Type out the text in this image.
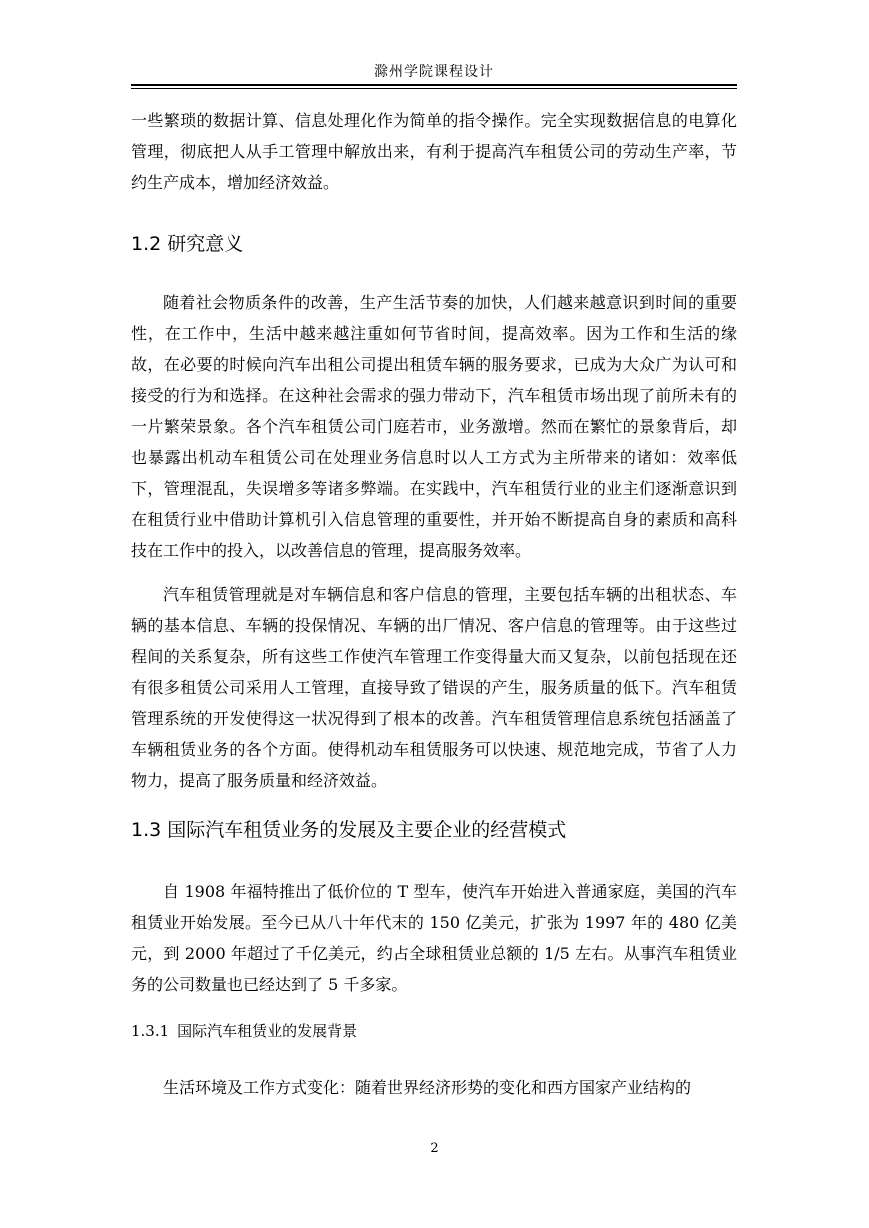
滁州学院课程设计

一些繁琐的数据计算、信息处理化作为简单的指令操作。完全实现数据信息的电算化管理，彻底把人从手工管理中解放出来，有利于提高汽车租赁公司的劳动生产率，节约生产成本，增加经济效益。

1.2 研究意义

随着社会物质条件的改善，生产生活节奏的加快，人们越来越意识到时间的重要性，在工作中，生活中越来越注重如何节省时间，提高效率。因为工作和生活的缘故，在必要的时候向汽车出租公司提出租赁车辆的服务要求，已成为大众广为认可和接受的行为和选择。在这种社会需求的强力带动下，汽车租赁市场出现了前所未有的一片繁荣景象。各个汽车租赁公司门庭若市，业务激增。然而在繁忙的景象背后，却也暴露出机动车租赁公司在处理业务信息时以人工方式为主所带来的诸如：效率低下，管理混乱，失误增多等诸多弊端。在实践中，汽车租赁行业的业主们逐渐意识到在租赁行业中借助计算机引入信息管理的重要性，并开始不断提高自身的素质和高科技在工作中的投入，以改善信息的管理，提高服务效率。

汽车租赁管理就是对车辆信息和客户信息的管理，主要包括车辆的出租状态、车辆的基本信息、车辆的投保情况、车辆的出厂情况、客户信息的管理等。由于这些过程间的关系复杂，所有这些工作使汽车管理工作变得量大而又复杂，以前包括现在还有很多租赁公司采用人工管理，直接导致了错误的产生，服务质量的低下。汽车租赁管理系统的开发使得这一状况得到了根本的改善。汽车租赁管理信息系统包括涵盖了车辆租赁业务的各个方面。使得机动车租赁服务可以快速、规范地完成，节省了人力物力，提高了服务质量和经济效益。

1.3 国际汽车租赁业务的发展及主要企业的经营模式

自 1908 年福特推出了低价位的 T 型车，使汽车开始进入普通家庭，美国的汽车租赁业开始发展。至今已从八十年代末的 150 亿美元，扩张为 1997 年的 480 亿美元，到 2000 年超过了千亿美元，约占全球租赁业总额的 1/5 左右。从事汽车租赁业务的公司数量也已经达到了 5 千多家。

1.3.1 国际汽车租赁业的发展背景

生活环境及工作方式变化：随着世界经济形势的变化和西方国家产业结构的

2
